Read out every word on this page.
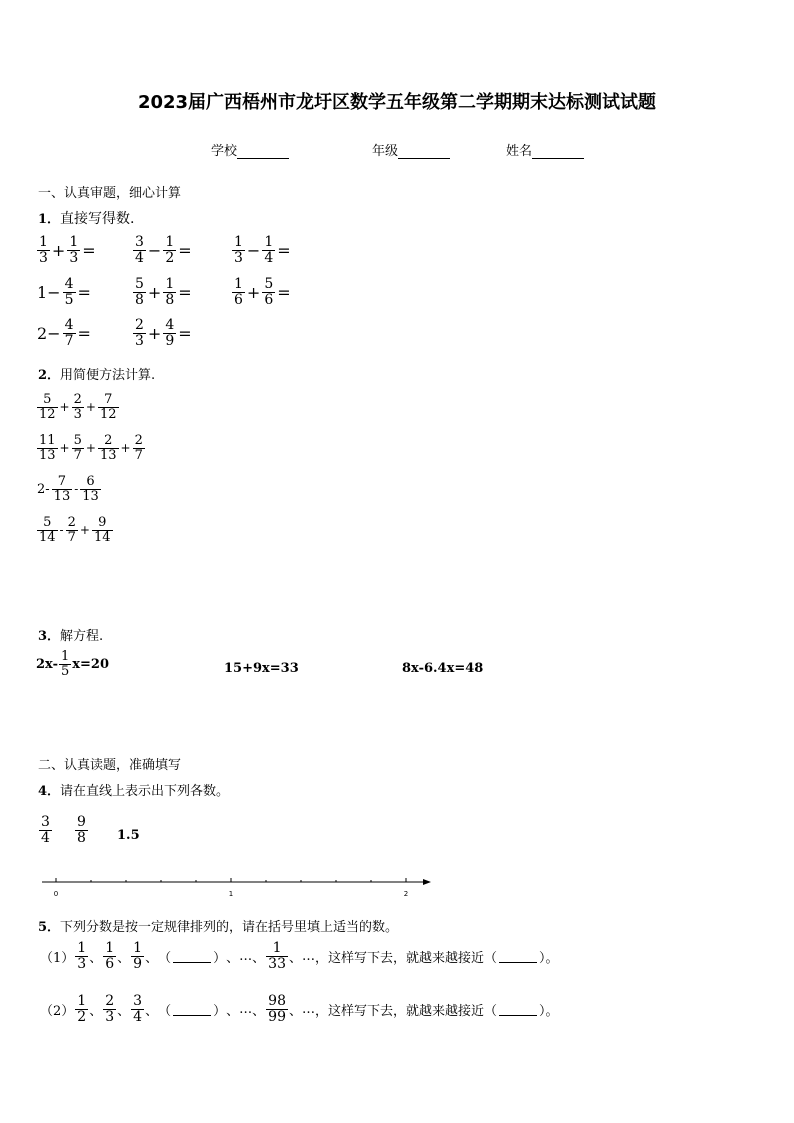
2023届广西梧州市龙圩区数学五年级第二学期期末达标测试试题
学校	年级	姓名
一、认真审题，细心计算
1．直接写得数.
$\frac{1}{3} + \frac{1}{3}$ =	$\frac{3}{4} - \frac{1}{2}$ =	$\frac{1}{3} - \frac{1}{4}$ =
$1- \frac{4}{5}$ =	$\frac{5}{8} + \frac{1}{8}$ =	$\frac{1}{6} + \frac{5}{6}$ =
$2- \frac{4}{7}$ =	$\frac{2}{3} + \frac{4}{9}$ =
2．用简便方法计算.
$\frac{5}{12} + \frac{2}{3} + \frac{7}{12}$
$\frac{11}{13} + \frac{5}{7} + \frac{2}{13} + \frac{2}{7}$
$2- \frac{7}{13} - \frac{6}{13}$
$\frac{5}{14} - \frac{2}{7} + \frac{9}{14}$
3．解方程.
$2x- \frac{1}{5} x=20$	15+9x=33	8x-6.4x=48
二、认真读题，准确填写
4．请在直线上表示出下列各数。
$\frac{3}{4} \frac{9}{8} 1.5$
0	1	2
5．下列分数是按一定规律排列的，请在括号里填上适当的数。
$(1) \frac{1}{3}$ 、 $\frac{1}{6}$ 、 $\frac{1}{9}$ 、 （	） 、 … 、 $\frac{1}{33}$ 、 … ，这样写下去，就越来越接近（	）。
$(2) \frac{1}{2}$ 、 $\frac{2}{3}$ 、 $\frac{3}{4}$ 、 （	） 、 … 、 $\frac{98}{99}$ 、 … ，这样写下去，就越来越接近（	）。
